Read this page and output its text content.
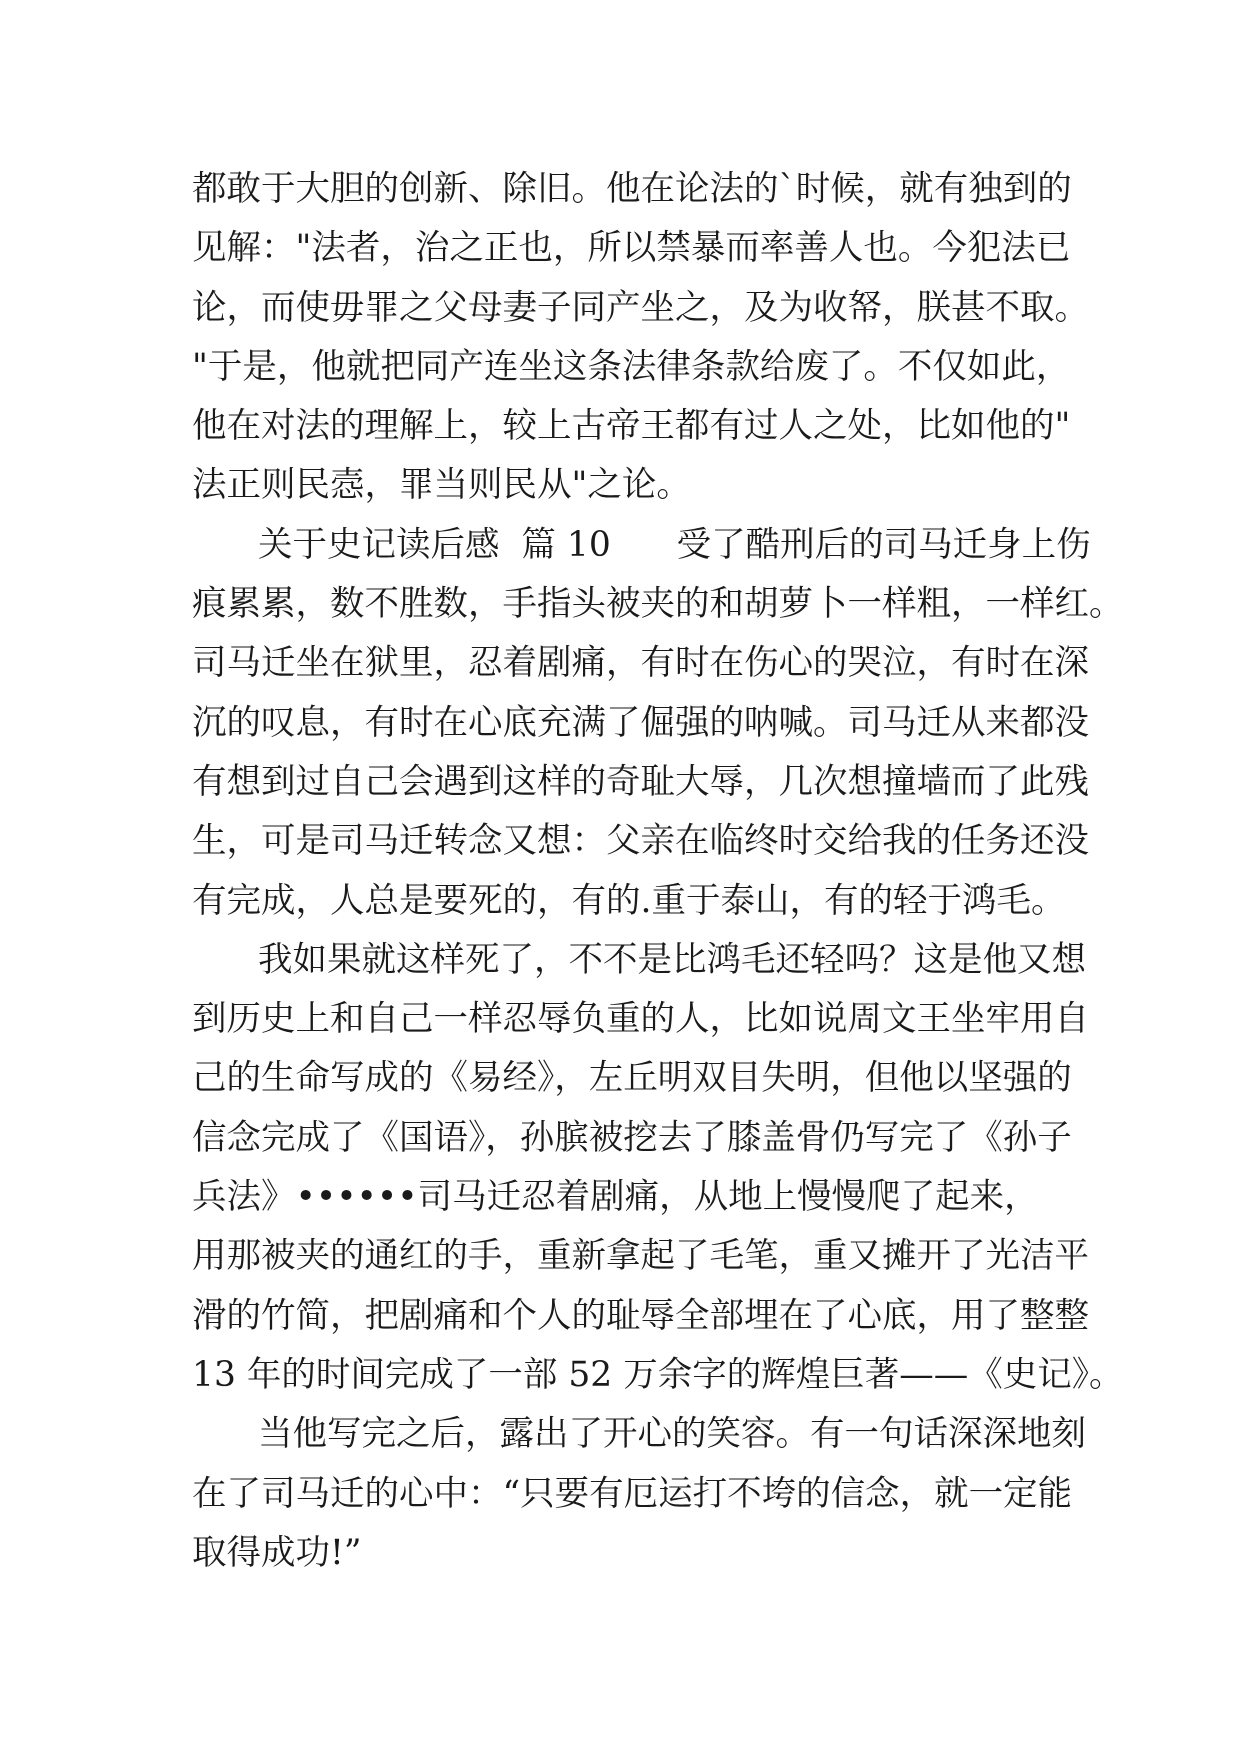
都敢于大胆的创新、除旧。他在论法的`时候，就有独到的
见解："法者，治之正也，所以禁暴而率善人也。今犯法已
论，而使毋罪之父母妻子同产坐之，及为收帑，朕甚不取。
"于是，他就把同产连坐这条法律条款给废了。不仅如此，
他在对法的理解上，较上古帝王都有过人之处，比如他的"
法正则民悫，罪当则民从"之论。
关于史记读后感  篇 10      受了酷刑后的司马迁身上伤
痕累累，数不胜数，手指头被夹的和胡萝卜一样粗，一样红。
司马迁坐在狱里，忍着剧痛，有时在伤心的哭泣，有时在深
沉的叹息，有时在心底充满了倔强的呐喊。司马迁从来都没
有想到过自己会遇到这样的奇耻大辱，几次想撞墙而了此残
生，可是司马迁转念又想：父亲在临终时交给我的任务还没
有完成，人总是要死的，有的.重于泰山，有的轻于鸿毛。
我如果就这样死了，不不是比鸿毛还轻吗？这是他又想
到历史上和自己一样忍辱负重的人，比如说周文王坐牢用自
己的生命写成的《易经》，左丘明双目失明，但他以坚强的
信念完成了《国语》，孙膑被挖去了膝盖骨仍写完了《孙子
兵法》••••••司马迁忍着剧痛，从地上慢慢爬了起来，
用那被夹的通红的手，重新拿起了毛笔，重又摊开了光洁平
滑的竹简，把剧痛和个人的耻辱全部埋在了心底，用了整整
13 年的时间完成了一部 52 万余字的辉煌巨著——《史记》。
当他写完之后，露出了开心的笑容。有一句话深深地刻
在了司马迁的心中：“只要有厄运打不垮的信念，就一定能
取得成功!”
